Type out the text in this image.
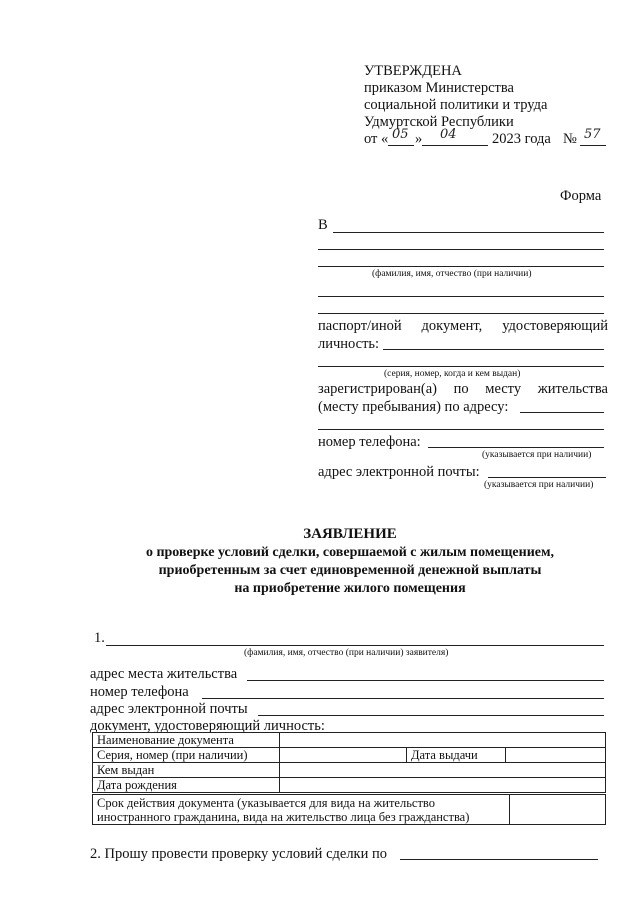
УТВЕРЖДЕНА
приказом Министерства
социальной политики и труда
Удмуртской Республики
от « 05 » 04 2023 года № 57
Форма
В
(фамилия, имя, отчество (при наличии)
паспорт/иной документ, удостоверяющий
личность:
(серия, номер, когда и кем выдан)
зарегистрирован(а) по месту жительства
(месту пребывания) по адресу:
номер телефона:
(указывается при наличии)
адрес электронной почты:
(указывается при наличии)
ЗАЯВЛЕНИЕ
о проверке условий сделки, совершаемой с жилым помещением,
приобретенным за счет единовременной денежной выплаты
на приобретение жилого помещения
1.
(фамилия, имя, отчество (при наличии) заявителя)
адрес места жительства
номер телефона
адрес электронной почты
документ, удостоверяющий личность:
Наименование документа			
Серия, номер (при наличии)		Дата выдачи	
Кем выдан			
Дата рождения			
Срок действия документа (указывается для вида на жительство
иностранного гражданина, вида на жительство лица без гражданства)

2. Прошу провести проверку условий сделки по
